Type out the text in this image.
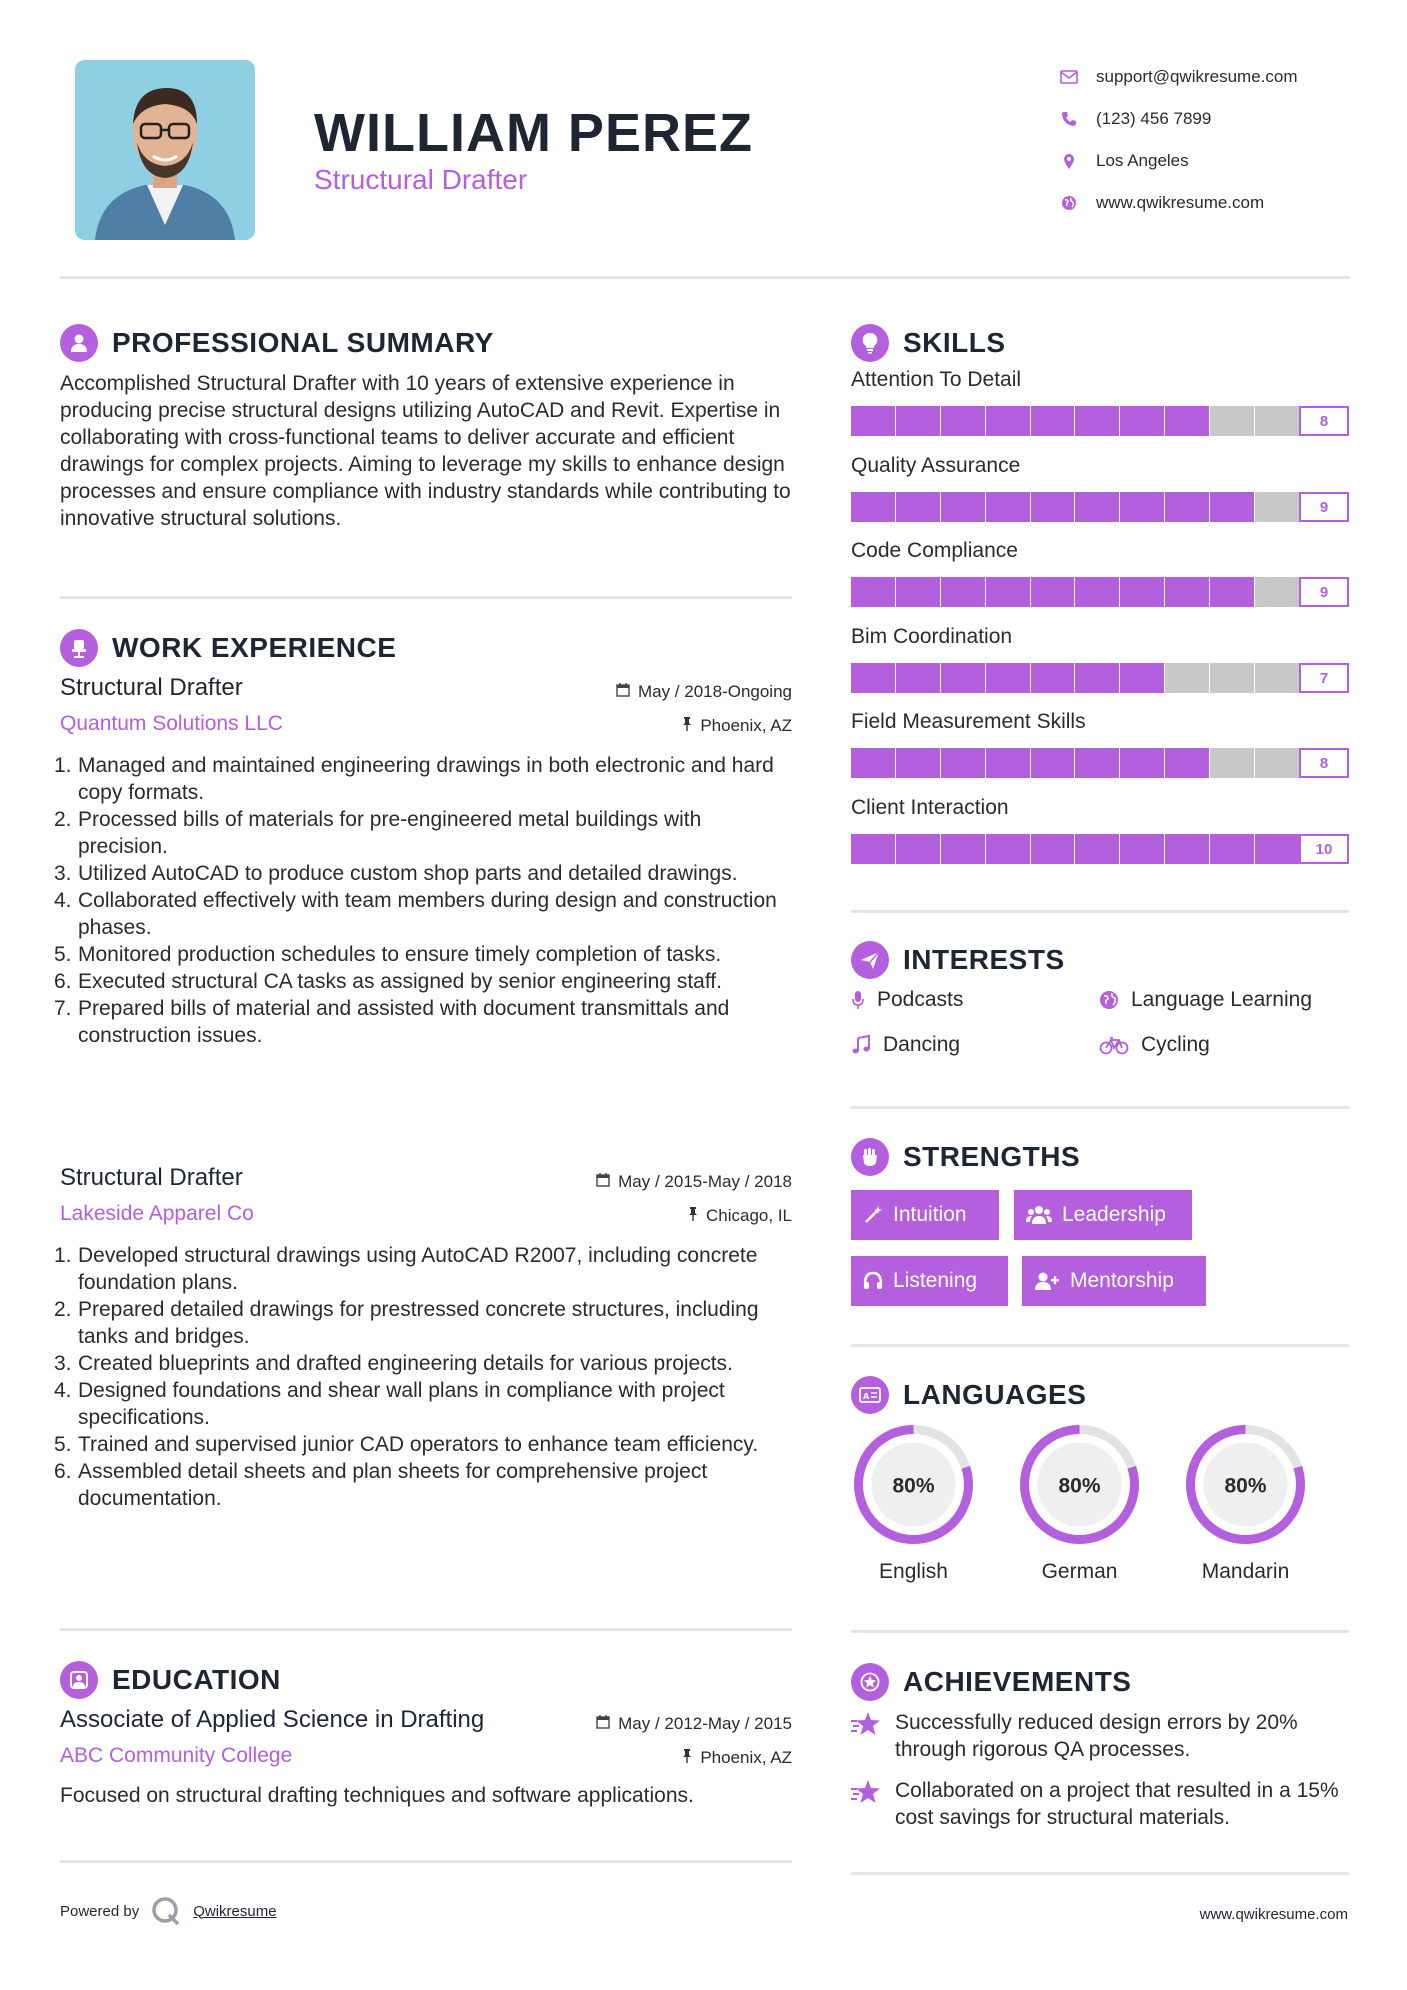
WILLIAM PEREZ
Structural Drafter
support@qwikresume.com
(123) 456 7899
Los Angeles
www.qwikresume.com
PROFESSIONAL SUMMARY
Accomplished Structural Drafter with 10 years of extensive experience in producing precise structural designs utilizing AutoCAD and Revit. Expertise in collaborating with cross-functional teams to deliver accurate and efficient drawings for complex projects. Aiming to leverage my skills to enhance design processes and ensure compliance with industry standards while contributing to innovative structural solutions.
WORK EXPERIENCE
Structural Drafter	May / 2018-Ongoing
Quantum Solutions LLC	Phoenix, AZ
1. Managed and maintained engineering drawings in both electronic and hard copy formats.
2. Processed bills of materials for pre-engineered metal buildings with precision.
3. Utilized AutoCAD to produce custom shop parts and detailed drawings.
4. Collaborated effectively with team members during design and construction phases.
5. Monitored production schedules to ensure timely completion of tasks.
6. Executed structural CA tasks as assigned by senior engineering staff.
7. Prepared bills of material and assisted with document transmittals and construction issues.
Structural Drafter	May / 2015-May / 2018
Lakeside Apparel Co	Chicago, IL
1. Developed structural drawings using AutoCAD R2007, including concrete foundation plans.
2. Prepared detailed drawings for prestressed concrete structures, including tanks and bridges.
3. Created blueprints and drafted engineering details for various projects.
4. Designed foundations and shear wall plans in compliance with project specifications.
5. Trained and supervised junior CAD operators to enhance team efficiency.
6. Assembled detail sheets and plan sheets for comprehensive project documentation.
EDUCATION
Associate of Applied Science in Drafting	May / 2012-May / 2015
ABC Community College	Phoenix, AZ
Focused on structural drafting techniques and software applications.
SKILLS
Attention To Detail
8
Quality Assurance
9
Code Compliance
9
Bim Coordination
7
Field Measurement Skills
8
Client Interaction
10
INTERESTS
Podcasts	Language Learning
Dancing	Cycling
STRENGTHS
Intuition	Leadership
Listening	Mentorship
A LANGUAGES
80%
English
80%
German
80%
Mandarin
ACHIEVEMENTS
Successfully reduced design errors by 20% through rigorous QA processes.
Collaborated on a project that resulted in a 15% cost savings for structural materials.
Powered by	Qwikresume	www.qwikresume.com
